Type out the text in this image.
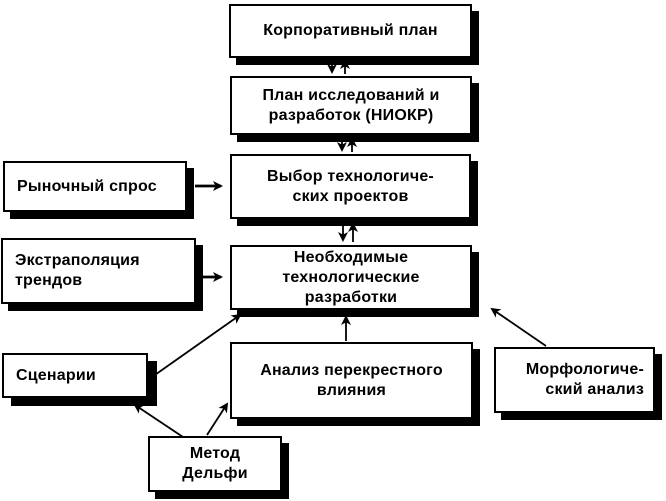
Корпоративный план
План исследований и
разработок (НИОКР)
Выбор технологиче-
ских проектов
Необходимые
технологические
разработки
Рыночный спрос
Экстраполяция
трендов
Сценарии	Анализ перекрестного
влияния
Морфологиче-
ский анализ
Метод
Дельфи
